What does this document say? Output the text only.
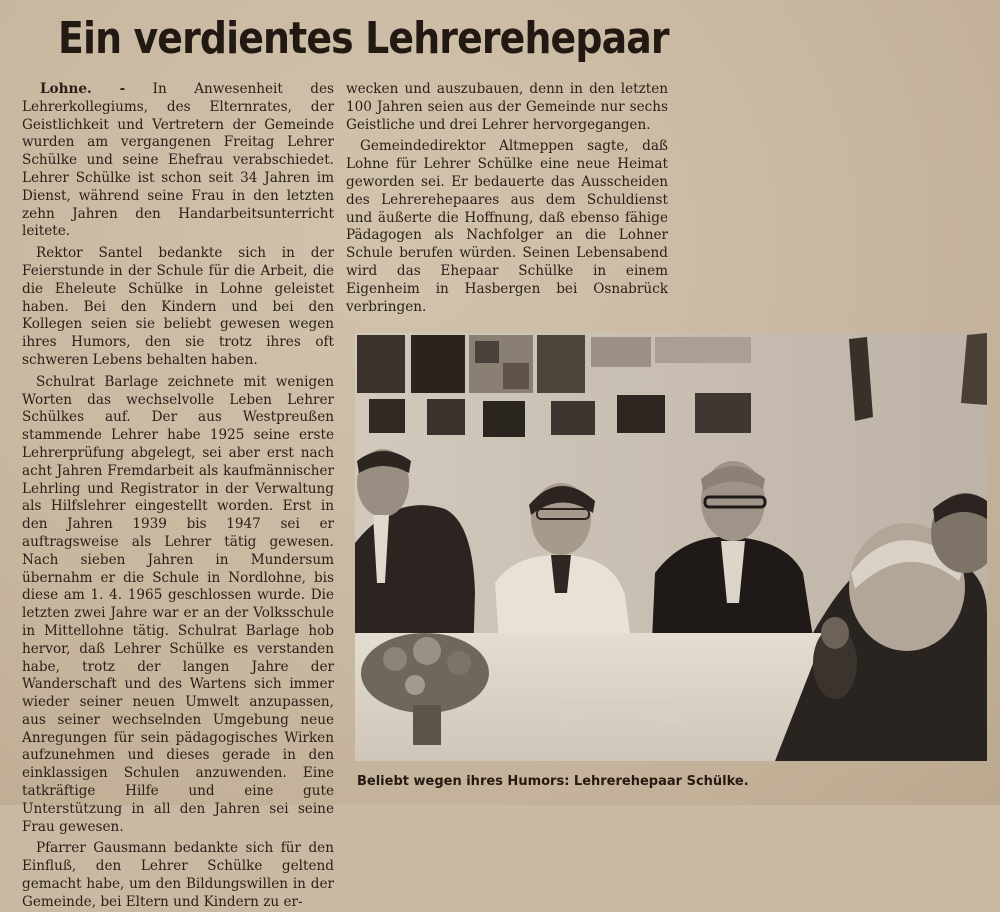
Ein verdientes Lehrerehepaar

Lohne. - In Anwesenheit des Lehrerkollegiums, des Elternrates, der Geistlichkeit und Vertretern der Gemeinde wurden am vergangenen Freitag Lehrer Schülke und seine Ehefrau verabschiedet. Lehrer Schülke ist schon seit 34 Jahren im Dienst, während seine Frau in den letzten zehn Jahren den Handarbeitsunterricht leitete.

Rektor Santel bedankte sich in der Feierstunde in der Schule für die Arbeit, die die Eheleute Schülke in Lohne geleistet haben. Bei den Kindern und bei den Kollegen seien sie beliebt gewesen wegen ihres Humors, den sie trotz ihres oft schweren Lebens behalten haben.

Schulrat Barlage zeichnete mit wenigen Worten das wechselvolle Leben Lehrer Schülkes auf. Der aus Westpreußen stammende Lehrer habe 1925 seine erste Lehrerprüfung abgelegt, sei aber erst nach acht Jahren Fremdarbeit als kaufmännischer Lehrling und Registrator in der Verwaltung als Hilfslehrer eingestellt worden. Erst in den Jahren 1939 bis 1947 sei er auftragsweise als Lehrer tätig gewesen. Nach sieben Jahren in Mundersum übernahm er die Schule in Nordlohne, bis diese am 1. 4. 1965 geschlossen wurde. Die letzten zwei Jahre war er an der Volksschule in Mittellohne tätig. Schulrat Barlage hob hervor, daß Lehrer Schülke es verstanden habe, trotz der langen Jahre der Wanderschaft und des Wartens sich immer wieder seiner neuen Umwelt anzupassen, aus seiner wechselnden Umgebung neue Anregungen für sein pädagogisches Wirken aufzunehmen und dieses gerade in den einklassigen Schulen anzuwenden. Eine tatkräftige Hilfe und eine gute Unterstützung in all den Jahren sei seine Frau gewesen.

Pfarrer Gausmann bedankte sich für den Einfluß, den Lehrer Schülke geltend gemacht habe, um den Bildungswillen in der Gemeinde, bei Eltern und Kindern zu er-

wecken und auszubauen, denn in den letzten 100 Jahren seien aus der Gemeinde nur sechs Geistliche und drei Lehrer hervorgegangen.

Gemeindedirektor Altmeppen sagte, daß Lohne für Lehrer Schülke eine neue Heimat geworden sei. Er bedauerte das Ausscheiden des Lehrerehepaares aus dem Schuldienst und äußerte die Hoffnung, daß ebenso fähige Pädagogen als Nachfolger an die Lohner Schule berufen würden. Seinen Lebensabend wird das Ehepaar Schülke in einem Eigenheim in Hasbergen bei Osnabrück verbringen.

Beliebt wegen ihres Humors: Lehrerehepaar Schülke.
